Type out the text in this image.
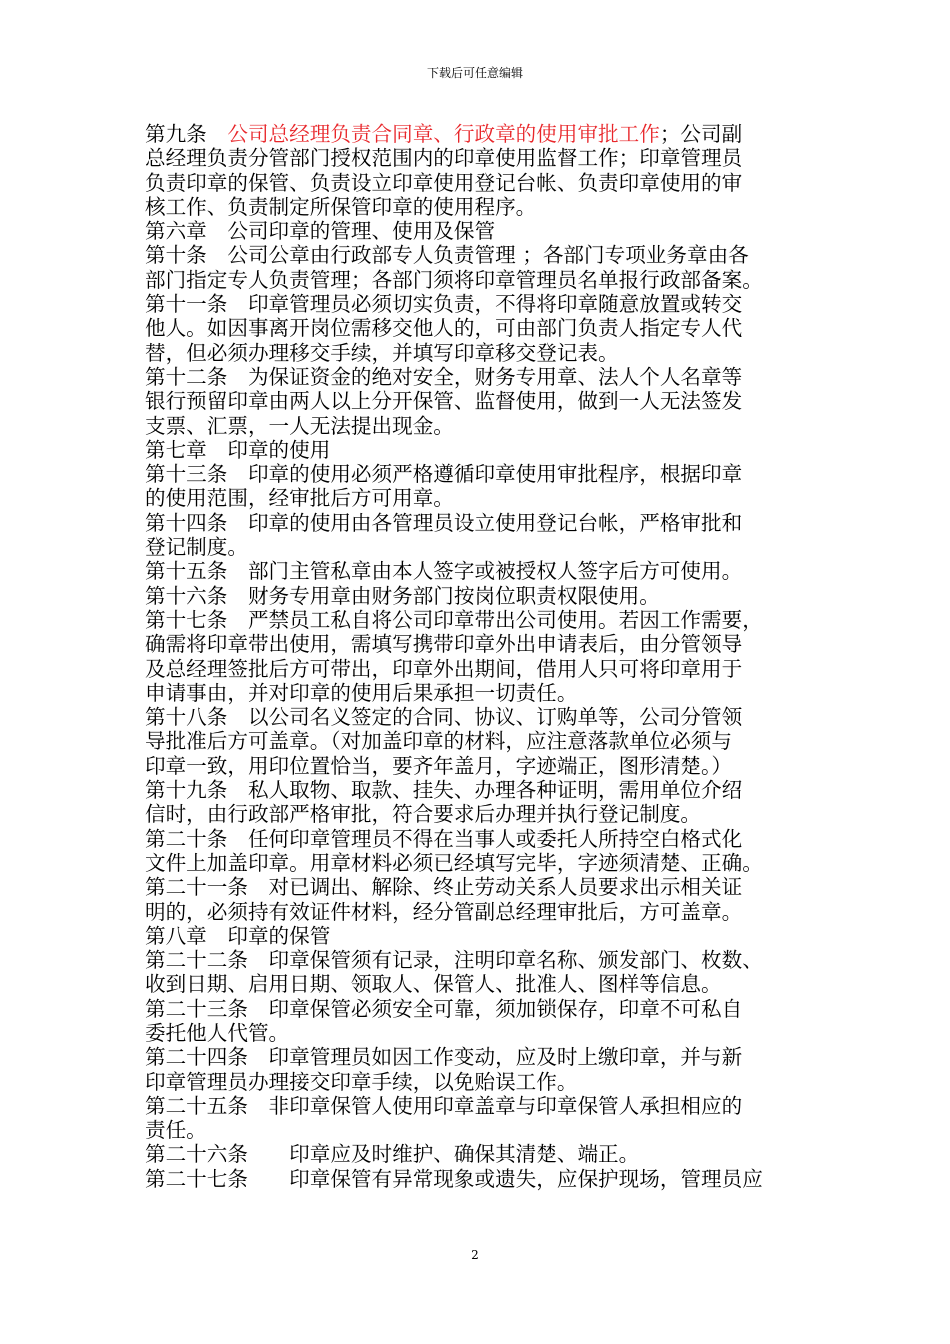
下载后可任意编辑
第九条　公司总经理负责合同章、行政章的使用审批工作；公司副
总经理负责分管部门授权范围内的印章使用监督工作；印章管理员
负责印章的保管、负责设立印章使用登记台帐、负责印章使用的审
核工作、负责制定所保管印章的使用程序。
第六章　公司印章的管理、使用及保管
第十条　公司公章由行政部专人负责管理 ；各部门专项业务章由各
部门指定专人负责管理；各部门须将印章管理员名单报行政部备案。
第十一条　印章管理员必须切实负责，不得将印章随意放置或转交
他人。如因事离开岗位需移交他人的，可由部门负责人指定专人代
替，但必须办理移交手续，并填写印章移交登记表。
第十二条　为保证资金的绝对安全，财务专用章、法人个人名章等
银行预留印章由两人以上分开保管、监督使用，做到一人无法签发
支票、汇票，一人无法提出现金。
第七章　印章的使用
第十三条　印章的使用必须严格遵循印章使用审批程序，根据印章
的使用范围，经审批后方可用章。
第十四条　印章的使用由各管理员设立使用登记台帐，严格审批和
登记制度。
第十五条　部门主管私章由本人签字或被授权人签字后方可使用。
第十六条　财务专用章由财务部门按岗位职责权限使用。
第十七条　严禁员工私自将公司印章带出公司使用。若因工作需要，
确需将印章带出使用，需填写携带印章外出申请表后，由分管领导
及总经理签批后方可带出，印章外出期间，借用人只可将印章用于
申请事由，并对印章的使用后果承担一切责任。
第十八条　以公司名义签定的合同、协议、订购单等，公司分管领
导批准后方可盖章。（对加盖印章的材料，应注意落款单位必须与
印章一致，用印位置恰当，要齐年盖月，字迹端正，图形清楚。）
第十九条　私人取物、取款、挂失、办理各种证明，需用单位介绍
信时，由行政部严格审批，符合要求后办理并执行登记制度。
第二十条　任何印章管理员不得在当事人或委托人所持空白格式化
文件上加盖印章。用章材料必须已经填写完毕，字迹须清楚、正确。
第二十一条　对已调出、解除、终止劳动关系人员要求出示相关证
明的，必须持有效证件材料，经分管副总经理审批后，方可盖章。
第八章　印章的保管
第二十二条　印章保管须有记录，注明印章名称、颁发部门、枚数、
收到日期、启用日期、领取人、保管人、批准人、图样等信息。
第二十三条　印章保管必须安全可靠，须加锁保存，印章不可私自
委托他人代管。
第二十四条　印章管理员如因工作变动，应及时上缴印章，并与新
印章管理员办理接交印章手续，以免贻误工作。
第二十五条　非印章保管人使用印章盖章与印章保管人承担相应的
责任。
第二十六条　　印章应及时维护、确保其清楚、端正。
第二十七条　　印章保管有异常现象或遗失，应保护现场，管理员应
2
